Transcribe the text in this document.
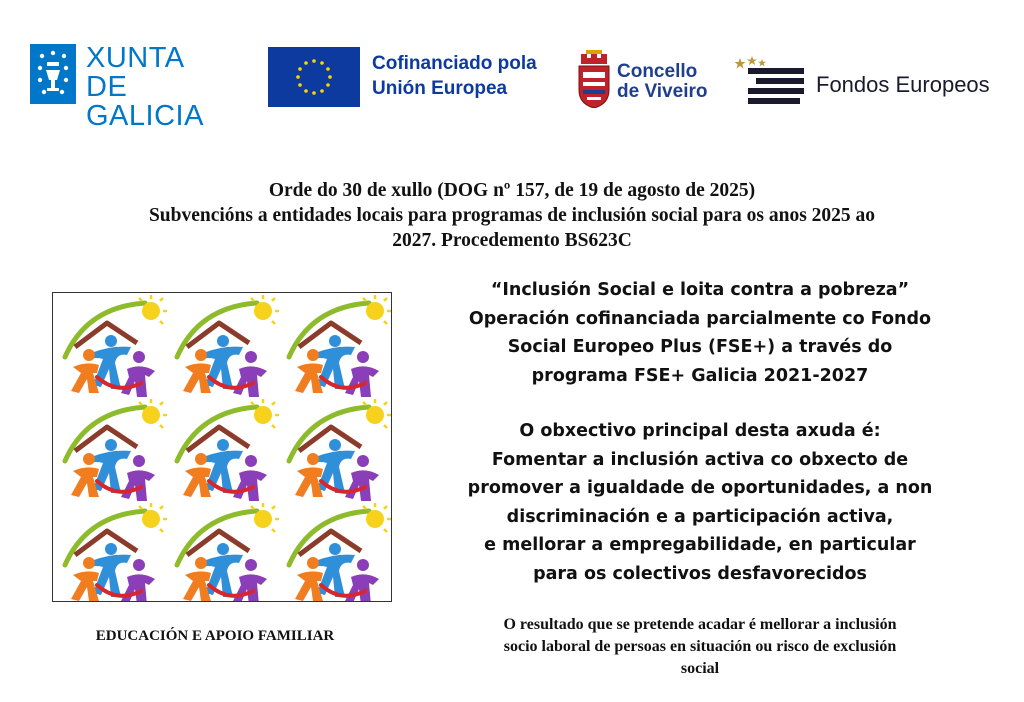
XUNTA
DE GALICIA
Cofinanciado pola
Unión Europea
Concello
de Viveiro	Fondos Europeos
Orde do 30 de xullo (DOG nº 157, de 19 de agosto de 2025)
Subvencións a entidades locais para programas de inclusión social para os anos 2025 ao
2027. Procedemento BS623C
EDUCACIÓN E APOIO FAMILIAR
“Inclusión Social e loita contra a pobreza”
Operación cofinanciada parcialmente co Fondo
Social Europeo Plus (FSE+) a través do
programa FSE+ Galicia 2021-2027
O obxectivo principal desta axuda é:
Fomentar a inclusión activa co obxecto de
promover a igualdade de oportunidades, a non
discriminación e a participación activa,
e mellorar a empregabilidade, en particular
para os colectivos desfavorecidos
O resultado que se pretende acadar é mellorar a inclusión
socio laboral de persoas en situación ou risco de exclusión
social
